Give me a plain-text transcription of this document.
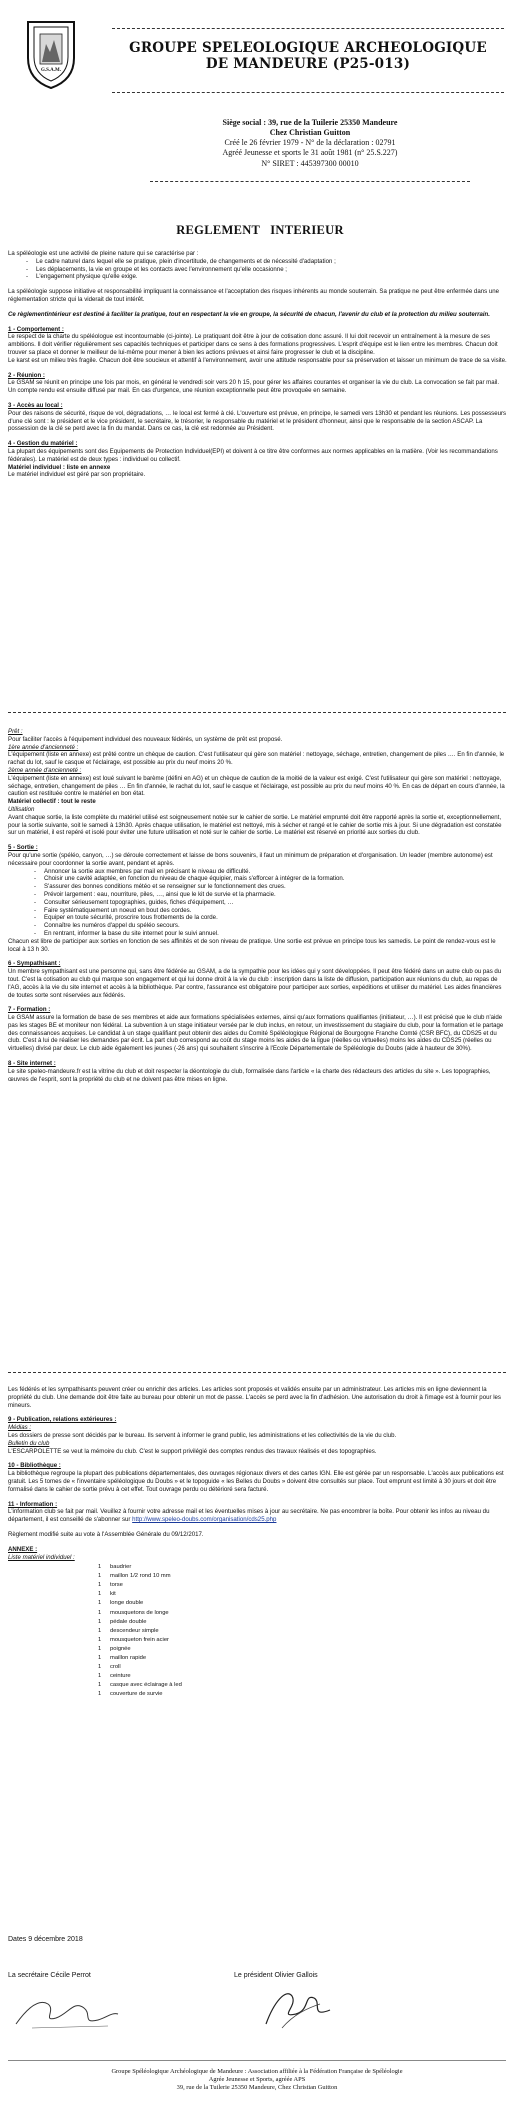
G.S.A.M.
GROUPE SPELEOLOGIQUE ARCHEOLOGIQUE
DE MANDEURE (P25-013)
Siège social : 39, rue de la Tuilerie 25350 Mandeure
Chez Christian Guitton
Créé le 26 février 1979 - N° de la déclaration : 02791
Agréé Jeunesse et sports le 31 août 1981 (n° 25.S.227)
N° SIRET : 445397300 00010
REGLEMENT   INTERIEUR

La spéléologie est une activité de pleine nature qui se caractérise par :

- Le cadre naturel dans lequel elle se pratique, plein d'incertitude, de changements et de nécessité d'adaptation ;
- Les déplacements, la vie en groupe et les contacts avec l'environnement qu'elle occasionne ;
- L'engagement physique qu'elle exige.

La spéléologie suppose initiative et responsabilité impliquant la connaissance et l'acceptation des risques inhérents au monde souterrain. Sa pratique ne peut être enfermée dans une réglementation stricte qui la viderait de tout intérêt.

Ce règlementintérieur est destiné à faciliter la pratique, tout en respectant la vie en groupe, la sécurité de chacun, l'avenir du club et la protection du milieu souterrain.

1 - Comportement :

Le respect de la charte du spéléologue est incontournable (ci-jointe). Le pratiquant doit être à jour de cotisation donc assuré. Il lui doit recevoir un entraînement à la mesure de ses ambitions. Il doit vérifier régulièrement ses capacités techniques et participer dans ce sens à des formations progressives. L'esprit d'équipe est le lien entre les membres. Chacun doit trouver sa place et donner le meilleur de lui-même pour mener à bien les actions prévues et ainsi faire progresser le club et la discipline.

Le karst est un milieu très fragile. Chacun doit être soucieux et attentif à l'environnement, avoir une attitude responsable pour sa préservation et laisser un minimum de trace de sa visite.

2 - Réunion :

Le GSAM se réunit en principe une fois par mois, en général le vendredi soir vers 20 h 15, pour gérer les affaires courantes et organiser la vie du club. La convocation se fait par mail. Un compte rendu est ensuite diffusé par mail. En cas d'urgence, une réunion exceptionnelle peut être provoquée en semaine.

3 - Accès au local :

Pour des raisons de sécurité, risque de vol, dégradations, … le local est fermé à clé. L'ouverture est prévue, en principe, le samedi vers 13h30 et pendant les réunions. Les possesseurs d'une clé sont : le président et le vice président, le secrétaire, le trésorier, le responsable du matériel et le président d'honneur, ainsi que le responsable de la section ASCAP. La possession de la clé se perd avec la fin du mandat. Dans ce cas, la clé est redonnée au Président.

4 - Gestion du matériel :

La plupart des équipements sont des Equipements de Protection Individuel(EPI) et doivent à ce titre être conformes aux normes applicables en la matière. (Voir les recommandations fédérales). Le matériel est de deux types : individuel ou collectif.

Matériel individuel : liste en annexe

Le matériel individuel est géré par son propriétaire.

Prêt :

Pour faciliter l'accès à l'équipement individuel des nouveaux fédérés, un système de prêt est proposé.

1ère année d'ancienneté :

L'équipement (liste en annexe) est prêté contre un chèque de caution. C'est l'utilisateur qui gère son matériel : nettoyage, séchage, entretien, changement de piles …. En fin d'année, le rachat du lot, sauf le casque et l'éclairage, est possible au prix du neuf moins 20 %.

2ème année d'ancienneté :

L'équipement (liste en annexe) est loué suivant le barème (défini en AG) et un chèque de caution de la moitié de la valeur est exigé. C'est l'utilisateur qui gère son matériel : nettoyage, séchage, entretien, changement de piles … En fin d'année, le rachat du lot, sauf le casque et l'éclairage, est possible au prix du neuf moins 40 %. En cas de départ en cours d'année, la caution est restituée contre le matériel en bon état.

Matériel collectif : tout le reste

Utilisation

Avant chaque sortie, la liste complète du matériel utilisé est soigneusement notée sur le cahier de sortie. Le matériel emprunté doit être rapporté après la sortie et, exceptionnellement, pour la sortie suivante, soit le samedi à 13h30. Après chaque utilisation, le matériel est nettoyé, mis à sécher et rangé et le cahier de sortie mis à jour. Si une dégradation est constatée sur un matériel, il est repéré et isolé pour éviter une future utilisation et noté sur le cahier de sortie. Le matériel est réservé en priorité aux sorties du club.

5 - Sortie :

Pour qu'une sortie (spéléo, canyon, …) se déroule correctement et laisse de bons souvenirs, il faut un minimum de préparation et d'organisation. Un leader (membre autonome) est nécessaire pour coordonner la sortie avant, pendant et après.

- Annoncer la sortie aux membres par mail en précisant le niveau de difficulté.
- Choisir une cavité adaptée, en fonction du niveau de chaque équipier, mais s'efforcer à intégrer de la formation.
- S'assurer des bonnes conditions météo et se renseigner sur le fonctionnement des crues.
- Prévoir largement : eau, nourriture, piles, …, ainsi que le kit de survie et la pharmacie.
- Consulter sérieusement topographies, guides, fiches d'équipement, …
- Faire systématiquement un noeud en bout des cordes.
- Equiper en toute sécurité, proscrire tous frottements de la corde.
- Connaître les numéros d'appel du spéléo secours.
- En rentrant, informer la base du site internet pour le suivi annuel.

Chacun est libre de participer aux sorties en fonction de ses affinités et de son niveau de pratique. Une sortie est prévue en principe tous les samedis. Le point de rendez-vous est le local à 13 h 30.

6 - Sympathisant :

Un membre sympathisant est une personne qui, sans être fédérée au GSAM, a de la sympathie pour les idées qui y sont développées. Il peut être fédéré dans un autre club ou pas du tout. C'est la cotisation au club qui marque son engagement et qui lui donne droit à la vie du club : inscription dans la liste de diffusion, participation aux réunions du club, au repas de l'AG, accès à la vie du site internet et accès à la bibliothèque. Par contre, l'assurance est obligatoire pour participer aux sorties, expéditions et utiliser du matériel. Les aides financières de toutes sorte sont réservées aux fédérés.

7 - Formation :

Le GSAM assure la formation de base de ses membres et aide aux formations spécialisées externes, ainsi qu'aux formations qualifiantes (initiateur, …). Il est précisé que le club n'aide pas les stages BE et moniteur non fédéral. La subvention à un stage initiateur versée par le club inclus, en retour, un investissement du stagiaire du club, pour la formation et le partage des connaissances acquises. Le candidat à un stage qualifiant peut obtenir des aides du Comité Spéléologique Régional de Bourgogne Franche Comté (CSR BFC), du CDS25 et du club. C'est à lui de réaliser les demandes par écrit. La part club correspond au coût du stage moins les aides de la ligue (réelles ou virtuelles) moins les aides du CDS25 (réelles ou virtuelles) divisé par deux. Le club aide également les jeunes (-26 ans) qui souhaitent s'inscrire à l'Ecole Départementale de Spéléologie du Doubs (aide à hauteur de 30%).

8 - Site internet :

Le site speleo-mandeure.fr est la vitrine du club et doit respecter la déontologie du club, formalisée dans l'article « la charte des rédacteurs des articles du site ». Les topographies, œuvres de l'esprit, sont la propriété du club et ne doivent pas être mises en ligne.

Les fédérés et les sympathisants peuvent créer ou enrichir des articles. Les articles sont proposés et validés ensuite par un administrateur. Les articles mis en ligne deviennent la propriété du club. Une demande doit être faite au bureau pour obtenir un mot de passe. L'accès se perd avec la fin d'adhésion. Une autorisation du droit à l'image est à fournir pour les mineurs.

9 - Publication, relations extérieures :

Médias :

Les dossiers de presse sont décidés par le bureau. Ils servent à informer le grand public, les administrations et les collectivités de la vie du club.

Bulletin du club

L'ESCARPOLETTE se veut la mémoire du club. C'est le support privilégié des comptes rendus des travaux réalisés et des topographies.

10 - Bibliothèque :

La bibliothèque regroupe la plupart des publications départementales, des ouvrages régionaux divers et des cartes IGN. Elle est gérée par un responsable. L'accès aux publications est gratuit. Les 5 tomes de « l'inventaire spéléologique du Doubs » et le topoguide « les Belles du Doubs » doivent être consultés sur place. Tout emprunt est limité à 30 jours et doit être formalisé dans le cahier de sortie prévu à cet effet. Tout ouvrage perdu ou détérioré sera facturé.

11 - Information :

L'information club se fait par mail. Veuillez à fournir votre adresse mail et les éventuelles mises à jour au secrétaire. Ne pas encombrer la boîte. Pour obtenir les infos au niveau du département, il est conseillé de s'abonner sur http://www.speleo-doubs.com/organisation/cds25.php

Règlement modifié suite au vote à l'Assemblée Générale du 09/12/2017.

ANNEXE :

Liste matériel individuel :

1 baudrier
1 maillon 1/2 rond 10 mm
1 torse
1 kit
1 longe double
1 mousquetons de longe
1 pédale double
1 descendeur simple
1 mousqueton frein acier
1 poignée
1 maillon rapide
1 croll
1 ceinture
1 casque avec éclairage à led
1 couverture de survie
Dates 9 décembre 2018
La secrétaire Cécile Perrot	Le président Olivier Gallois
Groupe Spéléologique Archéologique de Mandeure : Association affiliée à la Fédération Française de Spéléologie
Agrée Jeunesse et Sports, agréée APS
39, rue de la Tuilerie 25350 Mandeure, Chez Christian Guitton
